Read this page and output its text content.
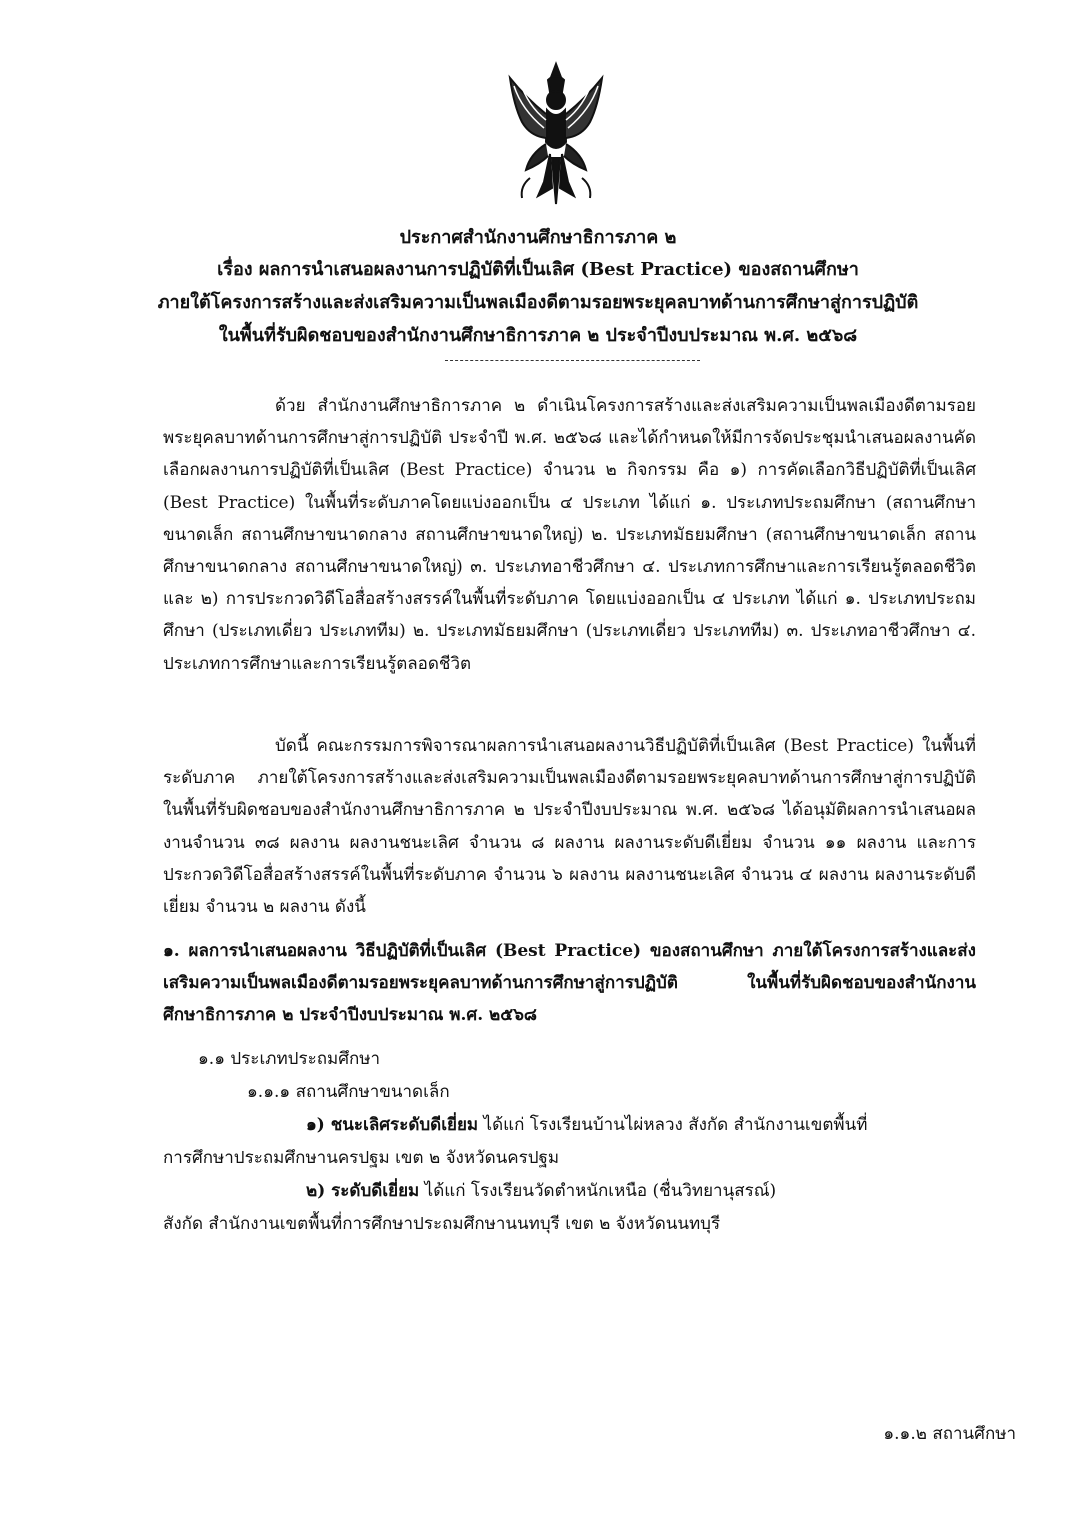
ประกาศสำนักงานศึกษาธิการภาค ๒
เรื่อง ผลการนำเสนอผลงานการปฏิบัติที่เป็นเลิศ (Best Practice) ของสถานศึกษา
ภายใต้โครงการสร้างและส่งเสริมความเป็นพลเมืองดีตามรอยพระยุคลบาทด้านการศึกษาสู่การปฏิบัติ
ในพื้นที่รับผิดชอบของสำนักงานศึกษาธิการภาค ๒ ประจำปีงบประมาณ พ.ศ. ๒๕๖๘
ด้วย สำนักงานศึกษาธิการภาค ๒ ดำเนินโครงการสร้างและส่งเสริมความเป็นพลเมืองดีตามรอยพระยุคลบาทด้านการศึกษาสู่การปฏิบัติ ประจำปี พ.ศ. ๒๕๖๘ และได้กำหนดให้มีการจัดประชุมนำเสนอผลงานคัดเลือกผลงานการปฏิบัติที่เป็นเลิศ (Best Practice) จำนวน ๒ กิจกรรม คือ ๑) การคัดเลือกวิธีปฏิบัติที่เป็นเลิศ (Best Practice) ในพื้นที่ระดับภาคโดยแบ่งออกเป็น ๔ ประเภท ได้แก่ ๑. ประเภทประถมศึกษา (สถานศึกษาขนาดเล็ก สถานศึกษาขนาดกลาง สถานศึกษาขนาดใหญ่) ๒. ประเภทมัธยมศึกษา (สถานศึกษาขนาดเล็ก สถานศึกษาขนาดกลาง สถานศึกษาขนาดใหญ่) ๓. ประเภทอาชีวศึกษา ๔. ประเภทการศึกษาและการเรียนรู้ตลอดชีวิต และ ๒) การประกวดวิดีโอสื่อสร้างสรรค์ในพื้นที่ระดับภาค โดยแบ่งออกเป็น ๔ ประเภท ได้แก่ ๑. ประเภทประถมศึกษา (ประเภทเดี่ยว ประเภททีม) ๒. ประเภทมัธยมศึกษา (ประเภทเดี่ยว ประเภททีม) ๓. ประเภทอาชีวศึกษา ๔. ประเภทการศึกษาและการเรียนรู้ตลอดชีวิต
บัดนี้ คณะกรรมการพิจารณาผลการนำเสนอผลงานวิธีปฏิบัติที่เป็นเลิศ (Best Practice) ในพื้นที่ระดับภาค ภายใต้โครงการสร้างและส่งเสริมความเป็นพลเมืองดีตามรอยพระยุคลบาทด้านการศึกษาสู่การปฏิบัติ ในพื้นที่รับผิดชอบของสำนักงานศึกษาธิการภาค ๒ ประจำปีงบประมาณ พ.ศ. ๒๕๖๘ ได้อนุมัติผลการนำเสนอผลงานจำนวน ๓๘ ผลงาน ผลงานชนะเลิศ จำนวน ๘ ผลงาน ผลงานระดับดีเยี่ยม จำนวน ๑๑ ผลงาน และการประกวดวิดีโอสื่อสร้างสรรค์ในพื้นที่ระดับภาค จำนวน ๖ ผลงาน ผลงานชนะเลิศ จำนวน ๔ ผลงาน ผลงานระดับดีเยี่ยม จำนวน ๒ ผลงาน ดังนี้
๑. ผลการนำเสนอผลงาน วิธีปฏิบัติที่เป็นเลิศ (Best Practice) ของสถานศึกษา ภายใต้โครงการสร้างและส่งเสริมความเป็นพลเมืองดีตามรอยพระยุคลบาทด้านการศึกษาสู่การปฏิบัติ ในพื้นที่รับผิดชอบของสำนักงานศึกษาธิการภาค ๒ ประจำปีงบประมาณ พ.ศ. ๒๕๖๘
๑.๑ ประเภทประถมศึกษา
๑.๑.๑ สถานศึกษาขนาดเล็ก
๑) ชนะเลิศระดับดีเยี่ยม ได้แก่ โรงเรียนบ้านไผ่หลวง สังกัด สำนักงานเขตพื้นที่
การศึกษาประถมศึกษานครปฐม เขต ๒ จังหวัดนครปฐม
๒) ระดับดีเยี่ยม ได้แก่ โรงเรียนวัดตำหนักเหนือ (ชื่นวิทยานุสรณ์)
สังกัด สำนักงานเขตพื้นที่การศึกษาประถมศึกษานนทบุรี เขต ๒ จังหวัดนนทบุรี
๑.๑.๒ สถานศึกษา
